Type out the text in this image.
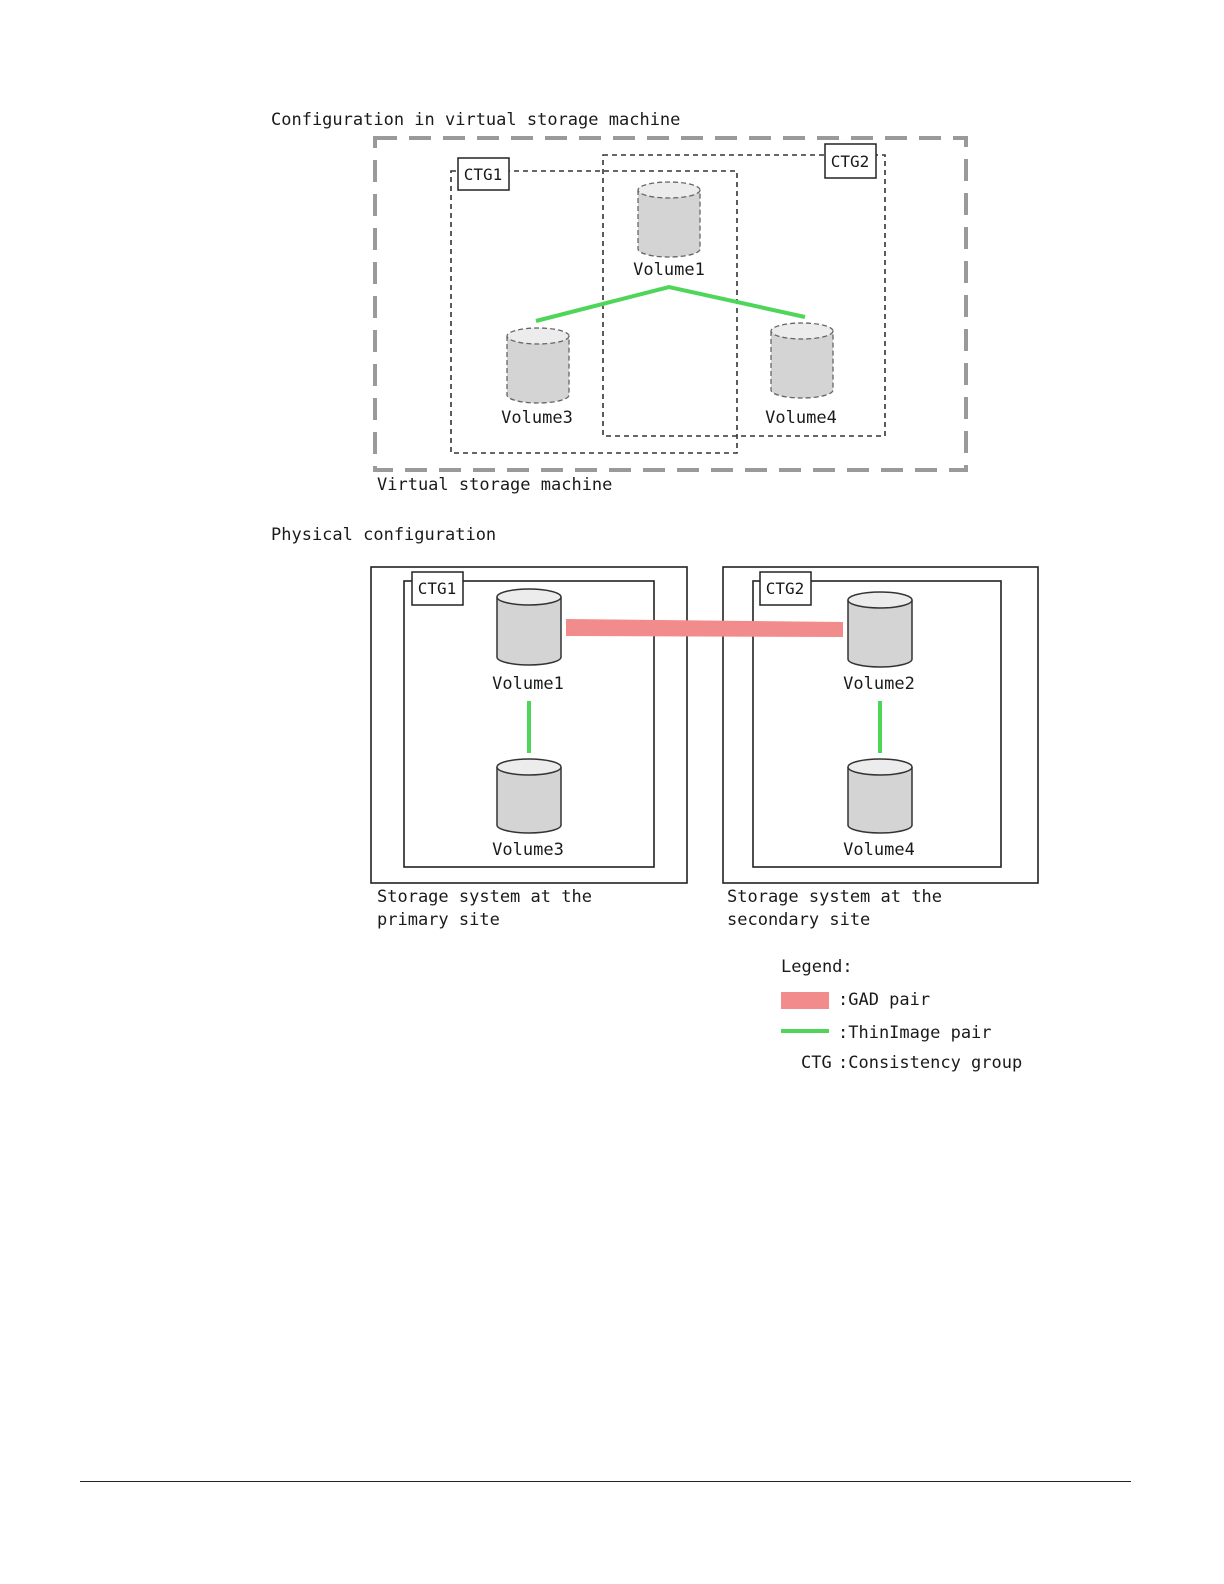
Configuration in virtual storage machine
CTG1
CTG2
Volume1
Volume3	Volume4
Virtual storage machine
Physical configuration
CTG1	CTG2
Volume1
Volume3
Volume2
Volume4
Storage system at the
primary site
Storage system at the
secondary site
Legend:
:GAD pair
:ThinImage pair
CTG :Consistency group
